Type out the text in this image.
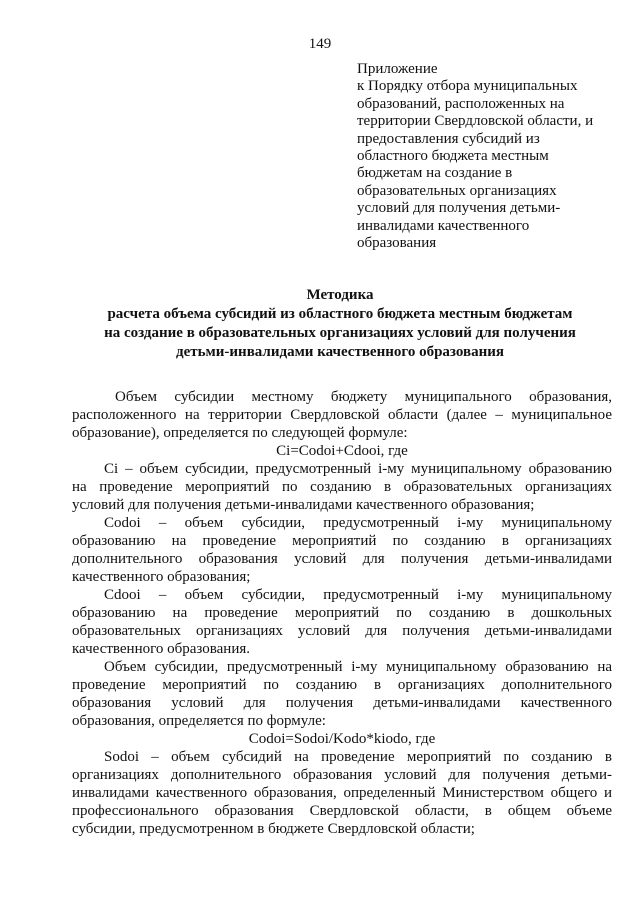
149
Приложение
к Порядку отбора муниципальных
образований, расположенных на
территории Свердловской области, и
предоставления субсидий из
областного бюджета местным
бюджетам на создание в
образовательных организациях
условий для получения детьми-
инвалидами качественного
образования
Методика
расчета объема субсидий из областного бюджета местным бюджетам
на создание в образовательных организациях условий для получения
детьми-инвалидами качественного образования
Объем субсидии местному бюджету муниципального образования,
расположенного на территории Свердловской области (далее – муниципальное
образование), определяется по следующей формуле:
Ci=Codoi+Cdooi, где
Ci – объем субсидии, предусмотренный i-му муниципальному образованию
на проведение мероприятий по созданию в образовательных организациях
условий для получения детьми-инвалидами качественного образования;
Codoi – объем субсидии, предусмотренный i-му муниципальному
образованию на проведение мероприятий по созданию в организациях
дополнительного образования условий для получения детьми-инвалидами
качественного образования;
Cdooi – объем субсидии, предусмотренный i-му муниципальному
образованию на проведение мероприятий по созданию в дошкольных
образовательных организациях условий для получения детьми-инвалидами
качественного образования.
Объем субсидии, предусмотренный i-му муниципальному образованию на
проведение мероприятий по созданию в организациях дополнительного
образования условий для получения детьми-инвалидами качественного
образования, определяется по формуле:
Codoi=Sodoi/Kodo*kiodo, где
Sodoi – объем субсидий на проведение мероприятий по созданию в
организациях дополнительного образования условий для получения детьми-
инвалидами качественного образования, определенный Министерством общего и
профессионального образования Свердловской области, в общем объеме
субсидии, предусмотренном в бюджете Свердловской области;
